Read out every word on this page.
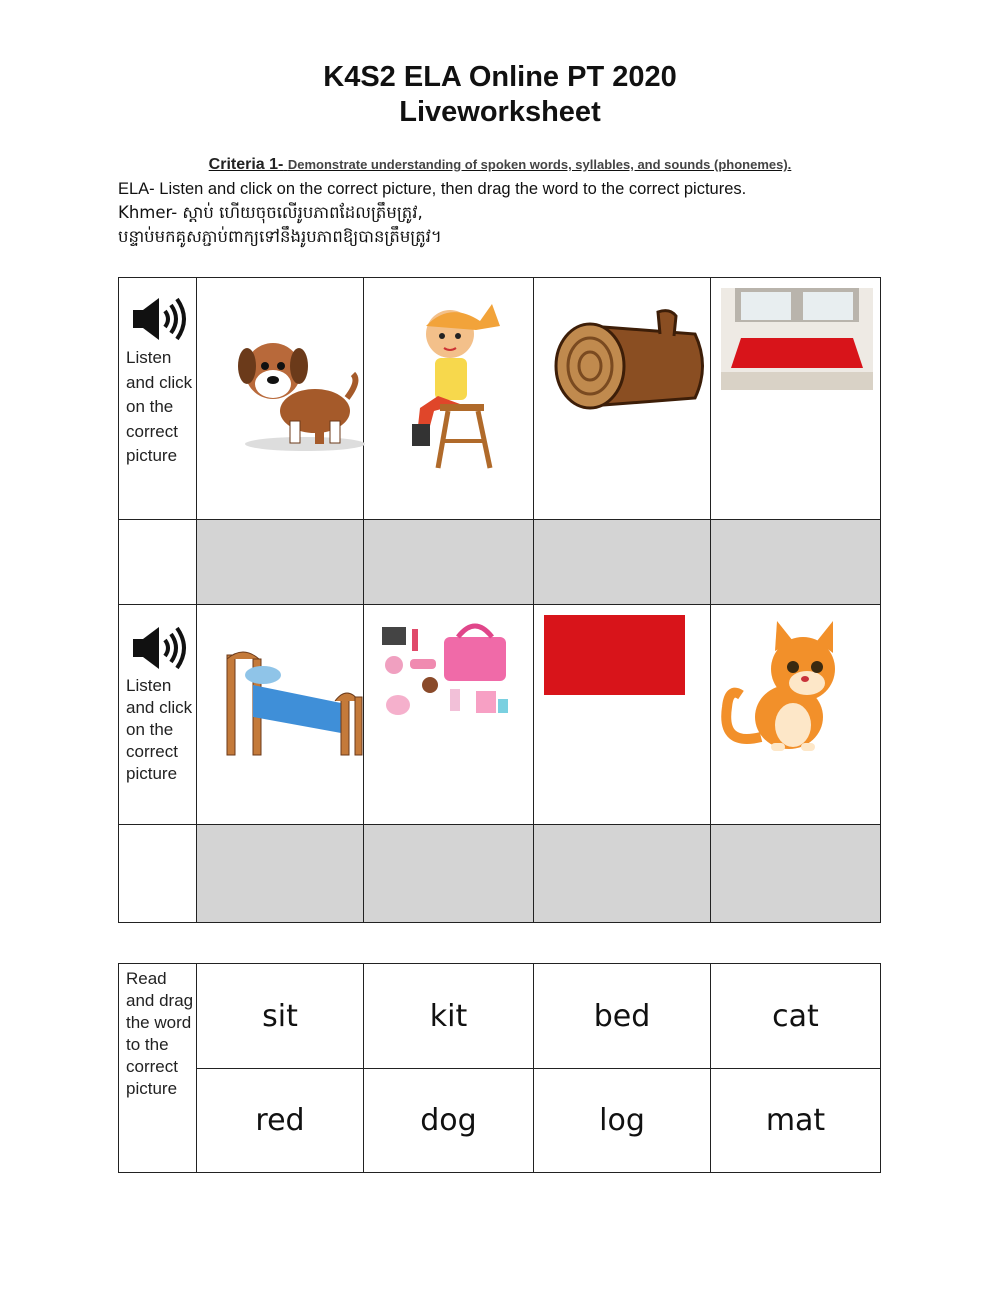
K4S2 ELA Online PT 2020
Liveworksheet
Criteria 1- Demonstrate understanding of spoken words, syllables, and sounds (phonemes).
ELA- Listen and click on the correct picture, then drag the word to the correct pictures.
Khmer- ស្តាប់ ហើយចុចលើរូបភាពដែលត្រឹមត្រូវ,
បន្ទាប់មកគូសភ្ជាប់ពាក្យទៅនឹងរូបភាពឱ្យបានត្រឹមត្រូវ។
Listen and click on the correct picture

Listen and click on the correct picture

Read and drag the word to the correct picture	sit	kit	bed	cat
	red	dog	log	mat
